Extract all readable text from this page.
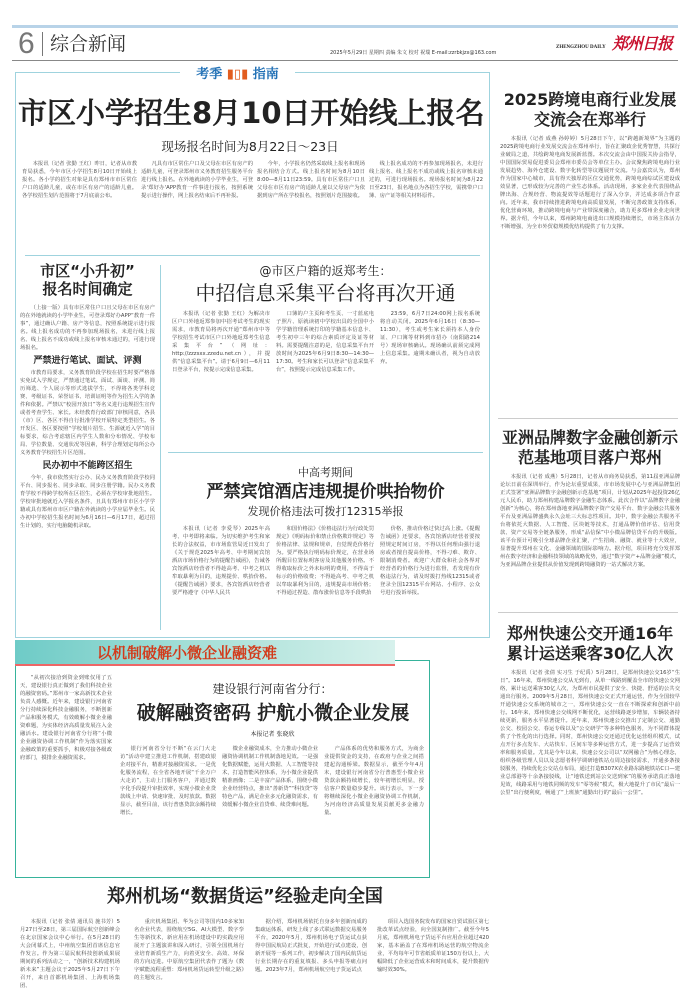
6 综合新闻	2025年5月29日 星期四 责编 朱文 校对 祝瑞 E-mail:zzrbkjzx@163.com
ZHENGZHOU DAILY 郑州日报
考季 ▮▯▮ 指南
市区小学招生8月10日开始线上报名
现场报名时间为8月22日～23日

本报讯（记者 张勤 王红）昨日，记者从市教育局获悉，今年市区小学招生8月10日开始线上报名。各小学的招生对象是具有郑州市市区常住户口的适龄儿童，或在市区有房产的适龄儿童。各学校招生划片范围将于7月底前公布。

凡具有市区常住户口及父母在市区有房产的适龄儿童，可登录郑州市义务教育招生服务平台进行线上报名。在外地就读的小学毕业生，可登录'郑好办'APP教育一件事进行报名，按照系统提示进行操作，网上报名结束后不再补报。

今年，小学报名仍然采取线上报名和现场报名相结合方式。线上报名时间为8月10日8:00—8月11日23:59。具有市区常住户口且父母在市区有房产的适龄儿童以父母房产为依据到房产所在学校报名，按照划片范围接收。

线上报名成功的不再参加现场报名，未进行线上报名、线上报名不成功或线上报名审核未通过的，可进行现场报名。现场报名时间为8月22日至23日，报名地点为各招生学校，需携带户口簿、房产证等相关材料原件。

市区“小升初”
报名时间确定

（上接一版）具有市区常住户口且父母在市区有房产的在外地就读的小学毕业生，可登录郑好办APP“教育一件事”，通过确认户籍、房产等信息，按照系统提示进行报名。线上报名成功的不再参加现场报名，未进行线上报名、线上报名不成功或线上报名审核未通过的，可进行现场报名。

严禁进行笔试、面试、评测

市教育局要求，义务教育阶段学校在招生时要严格落实免试入学规定，严禁通过笔试、面试、面谈、评测、简历筛选、个人展示等形式选拔学生，不得将各类学科竞赛、考级证书、荣誉证书、培训证明等作为招生入学的条件和依据。严禁以“校园开放日”等名义进行违规招生宣传或者考查学生、家长。未经教育行政部门审核同意，各县（市）区、各区不得自行批准学校开展特定类型招生。各开发区、各区要按照“学校划片招生、生源就近入学”的目标要求，综合考虑辖区内学生人数和分布情况、学校布局、学位数量、交通状况等因素，科学合理划定每所公办义务教育学校招生片区范围。

民办初中不能跨区招生

今年，我市依然实行公办、民办义务教育阶段学校同平台、同步报名、同步录取、同步注册学籍。民办义务教育学校不得跨学校所在区招生，必须在学校审批地招生。学校审批地就近入学报名条件，且具有郑州市市区小学学籍或具有郑州市市区户籍在外就读的小学应届毕业生。民办初中学校招生报名时间为6月16日—6月17日，超过招生计划的，实行电脑随机录取。

@市区户籍的返郑考生：
中招信息采集平台将再次开通

本报讯（记者 张勤 王红）为解决市区户口外地返郑参加中招考试考生的现实需求，市教育局将再次开通“郑州市中等学校招生考试市区户口外地返郑考生信息采集平台”（网址：http://zzzsxx.zzedu.net.cn），并提供“信息采集平台”。请于6月9日—6月11日登录平台，按提示完成信息采集。

口簿的户主页和考生页、一寸蓝底电子照片、原就读初中学校出具的全国中小学学籍管理系统打印的学籍基本信息卡、考生初中三年的综合素质评定及证等材料。需要提醒注意的是，信息采集平台开放时间为2025年6月9日8:30—14:30—17:30。考生和家长可以登录“信息采集平台”，按照提示完成信息采集工作。

23:59，6月7日24:00网上报名系统将自动关闭。2025年6月16日（8:30—11:30），考生或考生家长须持本人身份证、户口簿等材料到市招办（南阳路214号）现场审核确认。现场确认前须完成网上信息采集。逾期未确认者，视为自动放弃。

中高考期间
严禁宾馆酒店违规提价哄抬物价
发现价格违法可拨打12315举报

本报讯（记者 李爱琴）2025年高考、中考即将来临。为切实维护考生和家长的合法权益，市市场监管局近日发出了《关于规范2025年高考、中考期间宾馆酒店市场价格行为的提醒告诫函》，告诫各宾馆酒店经营者不得趁高考、中考之机以牟取暴利为目的，违规提价、哄抬价格。《提醒告诫函》要求，各宾馆酒店经营者要严格遵守《中华人民共

和国价格法》《价格违法行为行政处罚规定》《明码标价和禁止价格欺诈规定》等价格法律、法规和规章，自觉规范价格行为。要严格执行明码标价规定，在营业场所醒目位置标明客房及其他服务价格。不得收取标价之外未标明的费用，不得高于标示的价格收费；不得趁高考、中考之机以牟取暴利为目的，违规提高市场价格；不得通过捏造、散布涨价信息等手段哄抬

价格，推动价格过快过高上涨。《提醒告诫函》还要求，各宾馆酒店经营者要按照规定时间订房，不得以任何理由强行退房或者擅自提高价格，不得刁难、欺诈、限制消费者。欢迎广大群众和社会各界对经营者的价格行为进行监督，若发现有价格违法行为，请及时拨打热线12315或者登录全国12315平台网站、小程序、公众号进行投诉举报。

2025跨境电商行业发展交流会在郑举行

本报讯（记者 成燕 孙婷婷）5月28日下午，以“跨越新境界”为主题的2025跨境电商行业发展交流会在郑州举行，旨在汇聚政企优秀智慧，共探行业破局之道，共绘跨境电商发展新蓝图。本次交流会由中国报关协会指导，中国国际贸易促进委员会郑州市委员会等单位主办。会议聚焦跨境电商行业发展趋势、海外仓建设、数字化转型等议题展开交流。与会嘉宾认为，郑州作为国家中心城市，具有得天独厚的区位交通优势，跨境电商综试区建设成效显著，已形成较为完善的产业生态体系。活动现场，多家企业代表围绕品牌出海、合规经营、物流提效等话题进行了深入分享，并达成多项合作意向。近年来，我市持续推进跨境电商高质量发展，不断完善政策支持体系，优化营商环境，推动跨境电商与产业带深度融合，助力更多郑州企业走向世界。据介绍，今年以来，郑州跨境电商进出口规模持续增长，市场主体活力不断增强，为全市外贸稳规模优结构提供了有力支撑。

亚洲品牌数字金融创新示范基地项目落户郑州

本报讯（记者 成燕）5月28日，记者从市商务局获悉，第11届亚洲品牌论坛日前在深圳举行，作为论坛重要成果，市市场发展中心与亚洲品牌集团正式签署“亚洲品牌数字金融创新示范基地”项目，计划从2025年起投资26亿元人民币，助力郑州构建品牌数字金融生态体系。此次合作以“品牌数字金融创新”为核心，将在郑州落地亚洲品牌数字资产交易平台、数字金融公共服务平台及亚洲品牌盛典永久会址三大标志性项目。其中，数字金融公共服务平台将依托大数据、人工智能、区块链等技术，打通品牌价值评估、信用贷款、资产交易等全链条服务，形成“品信保”中小微品牌信贷平台的升级版。该平台预计可吸引全球品牌企业汇聚，产生招商、融资、就业等十大效应，显著提升郑州在文化、金融领域的国际影响力。据介绍，项目将充分发挥郑州在数字经济和金融科技领域的战略优势，通过“数字资产+品牌金融”模式，为亚洲品牌企业提供从价值发现到跨境融资的一站式解决方案。

郑州快速公交开通16年累计运送乘客30亿人次

本报讯（记者 张倩 实习生 于纪禹）5月28日，是郑州快速公交16岁“生日”。16年来，郑州快速公交从无到有，从单一线路到覆盖全市的快速公交网络，累计运送乘客30亿人次，为郑州市民提供了安全、快捷、舒适的公共交通出行服务。2009年5月28日，郑州快速公交正式开通运营，作为全国较早开通快速公交系统的城市之一，郑州快速公交一直在不断探索和创新中前行。16年来，郑州快速公交线网不断优化，运营线路逐步增加，车辆装备持续更新，服务水平显著提升。近年来，郑州快速公交推出了定制公交、通勤公交、校园公交、春运专线以及“公交研学”等多种特色服务，为不同群体提供了个性化的出行选择。同时，郑州快速公交还通过优化运营组织模式，试点开行多点发车、大站快车、区间车等多种运营方式，进一步提高了运营效率和服务质量。尤其是今年以来，快速公交公司以“双网融合”为核心理念，组织各级管理人员以及志愿者科学调研地铁站点周边接驳需求，开通多条接驳服务，持续优化公交站点布局，通过打造B307X农业路东路地铁站C口—建业总部港等十余条接驳线，让“地铁送到站公交送到家”的服务承诺真正落地见效，线路采用与地铁同频的发车“零等候”模式，极大地提升了市民“最后一公里”出行便利度，畅通了“上班族”通勤出行的“最后一公里”。

以机制破解小微企业融资难

“从初次接洽到资金到账仅用了五天，建设银行真正做到了我们科技企业的融资密码。”郑州市一家高新技术企业负责人感慨。近年来，建设银行河南省分行持续深化科技金融服务，不断创新产品和服务模式，有效破解小微企业融资难题，为实体经济高质量发展注入金融活水。建设银行河南省分行将“小微企业融资协调工作机制”作为落实国家金融政策的重要抓手，积极对接各级政府部门，摸排企业融资需求。

建设银行河南省分行：
破解融资密码 护航小微企业发展
本报记者 张晓欣

银行河南省分行不断“在云门大走访”活动中建立推进工作机制，搭建政银企对接平台，精准对接融资需求。一是优化服务流程，在全省各地开展“千企万户大走访”，主动上门服务客户，并通过数字化手段提升审批效率，实现小微企业贷款线上申请、快速审批、及时放款。数据显示，截至目前，该行普惠贷款余额持续增长。

微企业融资成本，全力推动小微企业融资协调机制工作机制落地见效。一是强化数据赋能，运用大数据、人工智能等技术，打造智能风控体系，为小微企业提供精准画像；二是丰富产品体系，围绕小微企业经营特点，推出“善新贷”“科技贷”等特色产品，满足企业多元化融资需求，有效缓解小微企业首贷难、续贷难问题。

产品体系的优势和服务方式，为商企业提供资金的支持，在政府与企业之间搭建起沟通桥梁。数据显示，截至今年4月末，建设银行河南省分行普惠型小微企业贷款余额持续增长，较年初增长明显，授信客户数量稳步提升。该行表示，下一步将继续深化小微企业融资协调工作机制，为河南经济高质量发展贡献更多金融力量。

郑州机场“数据货运”经验走向全国

本报讯（记者 张倩 通讯员 施书芳）5月27日至28日，第三届国际航空创新峰会在北京国家会议中心举行。在5月28日的大会闭幕式上，中州航空集团首席信息官作发言。作为第三届民航科技创新成果展期间的系列活动之一，“创新技术构建机场新未来”主题会议于2025年5月27日下午召开，来自首都机场集团、上海机场集团、

重庆机场集团、华为公司等国内10多家知名企业代表，围绕航空5G、AI大模型、数字孪生等新技术，新应用在机场建设中的实践应用展开了主题演讲和深入研讨，引领全国机场行业培育新质生产力，向着更安全、高效、环保的方向迈进。中原航空集团代表作了题为《数字赋能流程重塑：郑州机场货运转型升级之路》的主题发言。

据介绍，郑州机场依托自身多年创新而成的集疏运体系，研发上线了多式联运数据交易服务平台，2020年5月，郑州机场电子货运试点获得中国民航局正式批复，开始进行试点建设，创新开展等一系列工作，初步解决了国内民航货运行业长期存在的重复填报、多头申报等痛点问题。2023年7月，郑州机场航空电子货运试点

项目入选国务院发布的国家自贸试验区第七批改革试点经验，向全国复制推广。截至今年5月底，郑州机场电子货运平台应用企业超过420家，基本涵盖了在郑州机场运营的航空物流企业，平均每年可节省纸质单证150万份以上，大幅降低了企业运营成本和时间成本，提升数据传输时效30%。
